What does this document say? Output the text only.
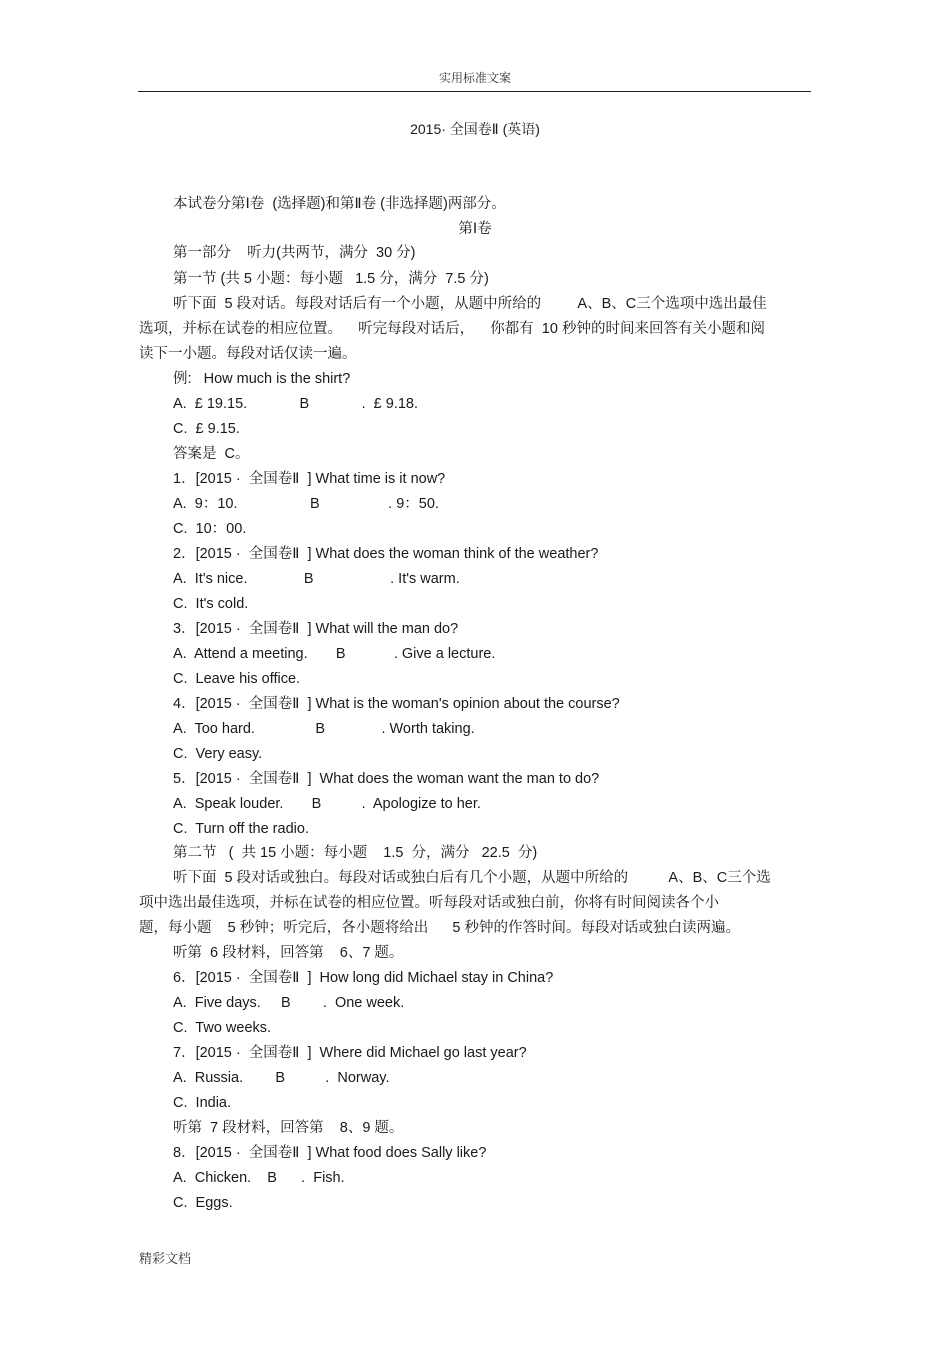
实用标准文案
2015· 全国卷Ⅱ (英语)
本试卷分第Ⅰ卷  (选择题)和第Ⅱ卷 (非选择题)两部分。
第Ⅰ卷
第一部分    听力(共两节，满分  30 分)
第一节 (共 5 小题：每小题   1.5 分，满分  7.5 分)
听下面  5 段对话。每段对话后有一个小题，从题中所给的         A、B、C三个选项中选出最佳
选项，并标在试卷的相应位置。    听完每段对话后，    你都有  10 秒钟的时间来回答有关小题和阅
读下一小题。每段对话仅读一遍。
例:   How much is the shirt?
A.  £ 19.15.             B             .  £ 9.18.
C.  £ 9.15.
答案是  C。
1．[2015 ·  全国卷Ⅱ  ] What time is it now?
A.  9：10.                  B                 . 9：50.
C.  10：00.
2．[2015 ·  全国卷Ⅱ  ] What does the woman think of the weather?
A.  It's nice.              B                   . It's warm.
C.  It's cold.
3．[2015 ·  全国卷Ⅱ  ] What will the man do?
A.  Attend a meeting.       B            . Give a lecture.
C.  Leave his office.
4．[2015 ·  全国卷Ⅱ  ] What is the woman's opinion about the course?
A.  Too hard.               B              . Worth taking.
C.  Very easy.
5．[2015 ·  全国卷Ⅱ  ]  What does the woman want the man to do?
A.  Speak louder.       B          .  Apologize to her.
C.  Turn off the radio.
第二节   (  共 15 小题：每小题    1.5  分，满分   22.5  分)
听下面  5 段对话或独白。每段对话或独白后有几个小题，从题中所给的          A、B、C三个选
项中选出最佳选项，并标在试卷的相应位置。听每段对话或独白前，你将有时间阅读各个小
题，每小题    5 秒钟；听完后，各小题将给出      5 秒钟的作答时间。每段对话或独白读两遍。
听第  6 段材料，回答第    6、7 题。
6．[2015 ·  全国卷Ⅱ  ]  How long did Michael stay in China?
A.  Five days.     B        .  One week.
C.  Two weeks.
7．[2015 ·  全国卷Ⅱ  ]  Where did Michael go last year?
A.  Russia.        B          .  Norway.
C.  India.
听第  7 段材料，回答第    8、9 题。
8．[2015 ·  全国卷Ⅱ  ] What food does Sally like?
A.  Chicken.    B      .  Fish.
C.  Eggs.
精彩文档
